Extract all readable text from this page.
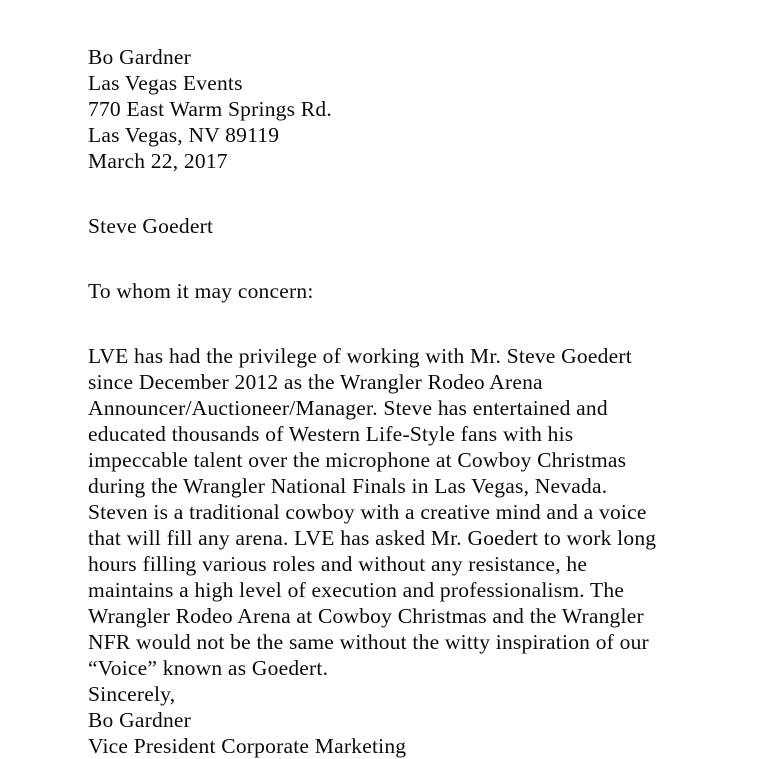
Bo Gardner
Las Vegas Events
770 East Warm Springs Rd.
Las Vegas, NV 89119
March 22, 2017
Steve Goedert
To whom it may concern:
LVE has had the privilege of working with Mr. Steve Goedert
since December 2012 as the Wrangler Rodeo Arena
Announcer/Auctioneer/Manager. Steve has entertained and
educated thousands of Western Life-Style fans with his
impeccable talent over the microphone at Cowboy Christmas
during the Wrangler National Finals in Las Vegas, Nevada.
Steven is a traditional cowboy with a creative mind and a voice
that will fill any arena. LVE has asked Mr. Goedert to work long
hours filling various roles and without any resistance, he
maintains a high level of execution and professionalism. The
Wrangler Rodeo Arena at Cowboy Christmas and the Wrangler
NFR would not be the same without the witty inspiration of our
“Voice” known as Goedert.
Sincerely,
Bo Gardner
Vice President Corporate Marketing
